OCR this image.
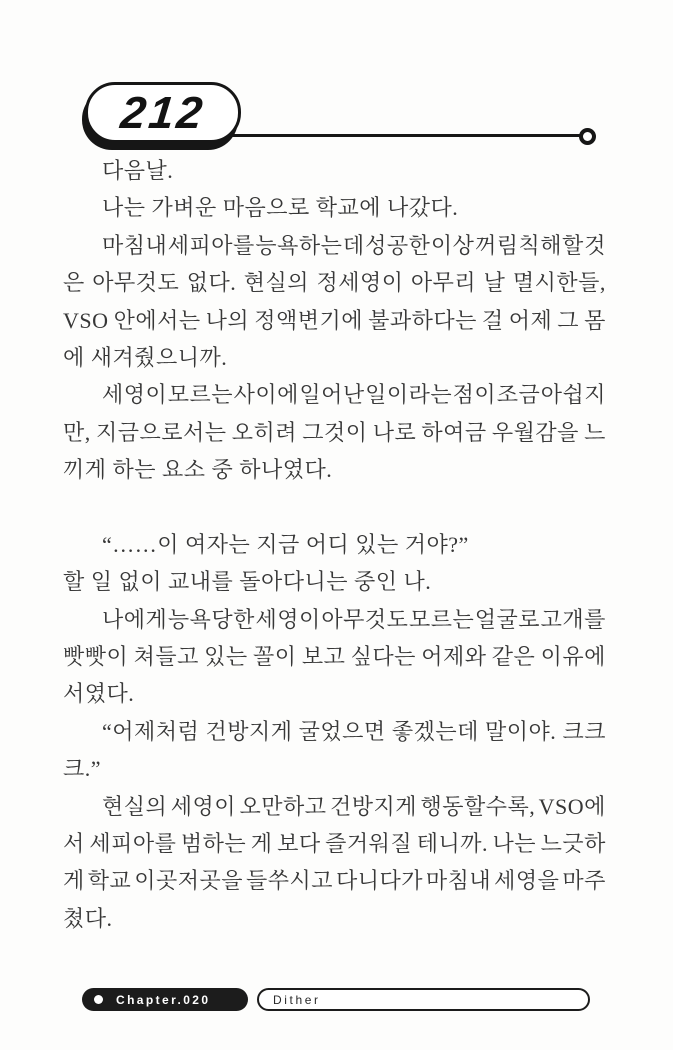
212
다음날.
나는 가벼운 마음으로 학교에 나갔다.
마침내 세피아를 능욕하는 데 성공한 이상 꺼림칙해할 것
은 아무것도 없다. 현실의 정세영이 아무리 날 멸시한들,
VSO 안에서는 나의 정액변기에 불과하다는 걸 어제 그 몸
에 새겨줬으니까.
세영이 모르는 사이에 일어난 일이라는 점이 조금 아쉽지
만, 지금으로서는 오히려 그것이 나로 하여금 우월감을 느
끼게 하는 요소 중 하나였다.
“……이 여자는 지금 어디 있는 거야?”
할 일 없이 교내를 돌아다니는 중인 나.
나에게 능욕당한 세영이 아무것도 모르는 얼굴로 고개를
빳빳이 쳐들고 있는 꼴이 보고 싶다는 어제와 같은 이유에
서였다.
“어제처럼 건방지게 굴었으면 좋겠는데 말이야. 크크
크.”
현실의 세영이 오만하고 건방지게 행동할수록, VSO에
서 세피아를 범하는 게 보다 즐거워질 테니까. 나는 느긋하
게 학교 이곳저곳을 들쑤시고 다니다가 마침내 세영을 마주
쳤다.
Chapter.020	Dither
